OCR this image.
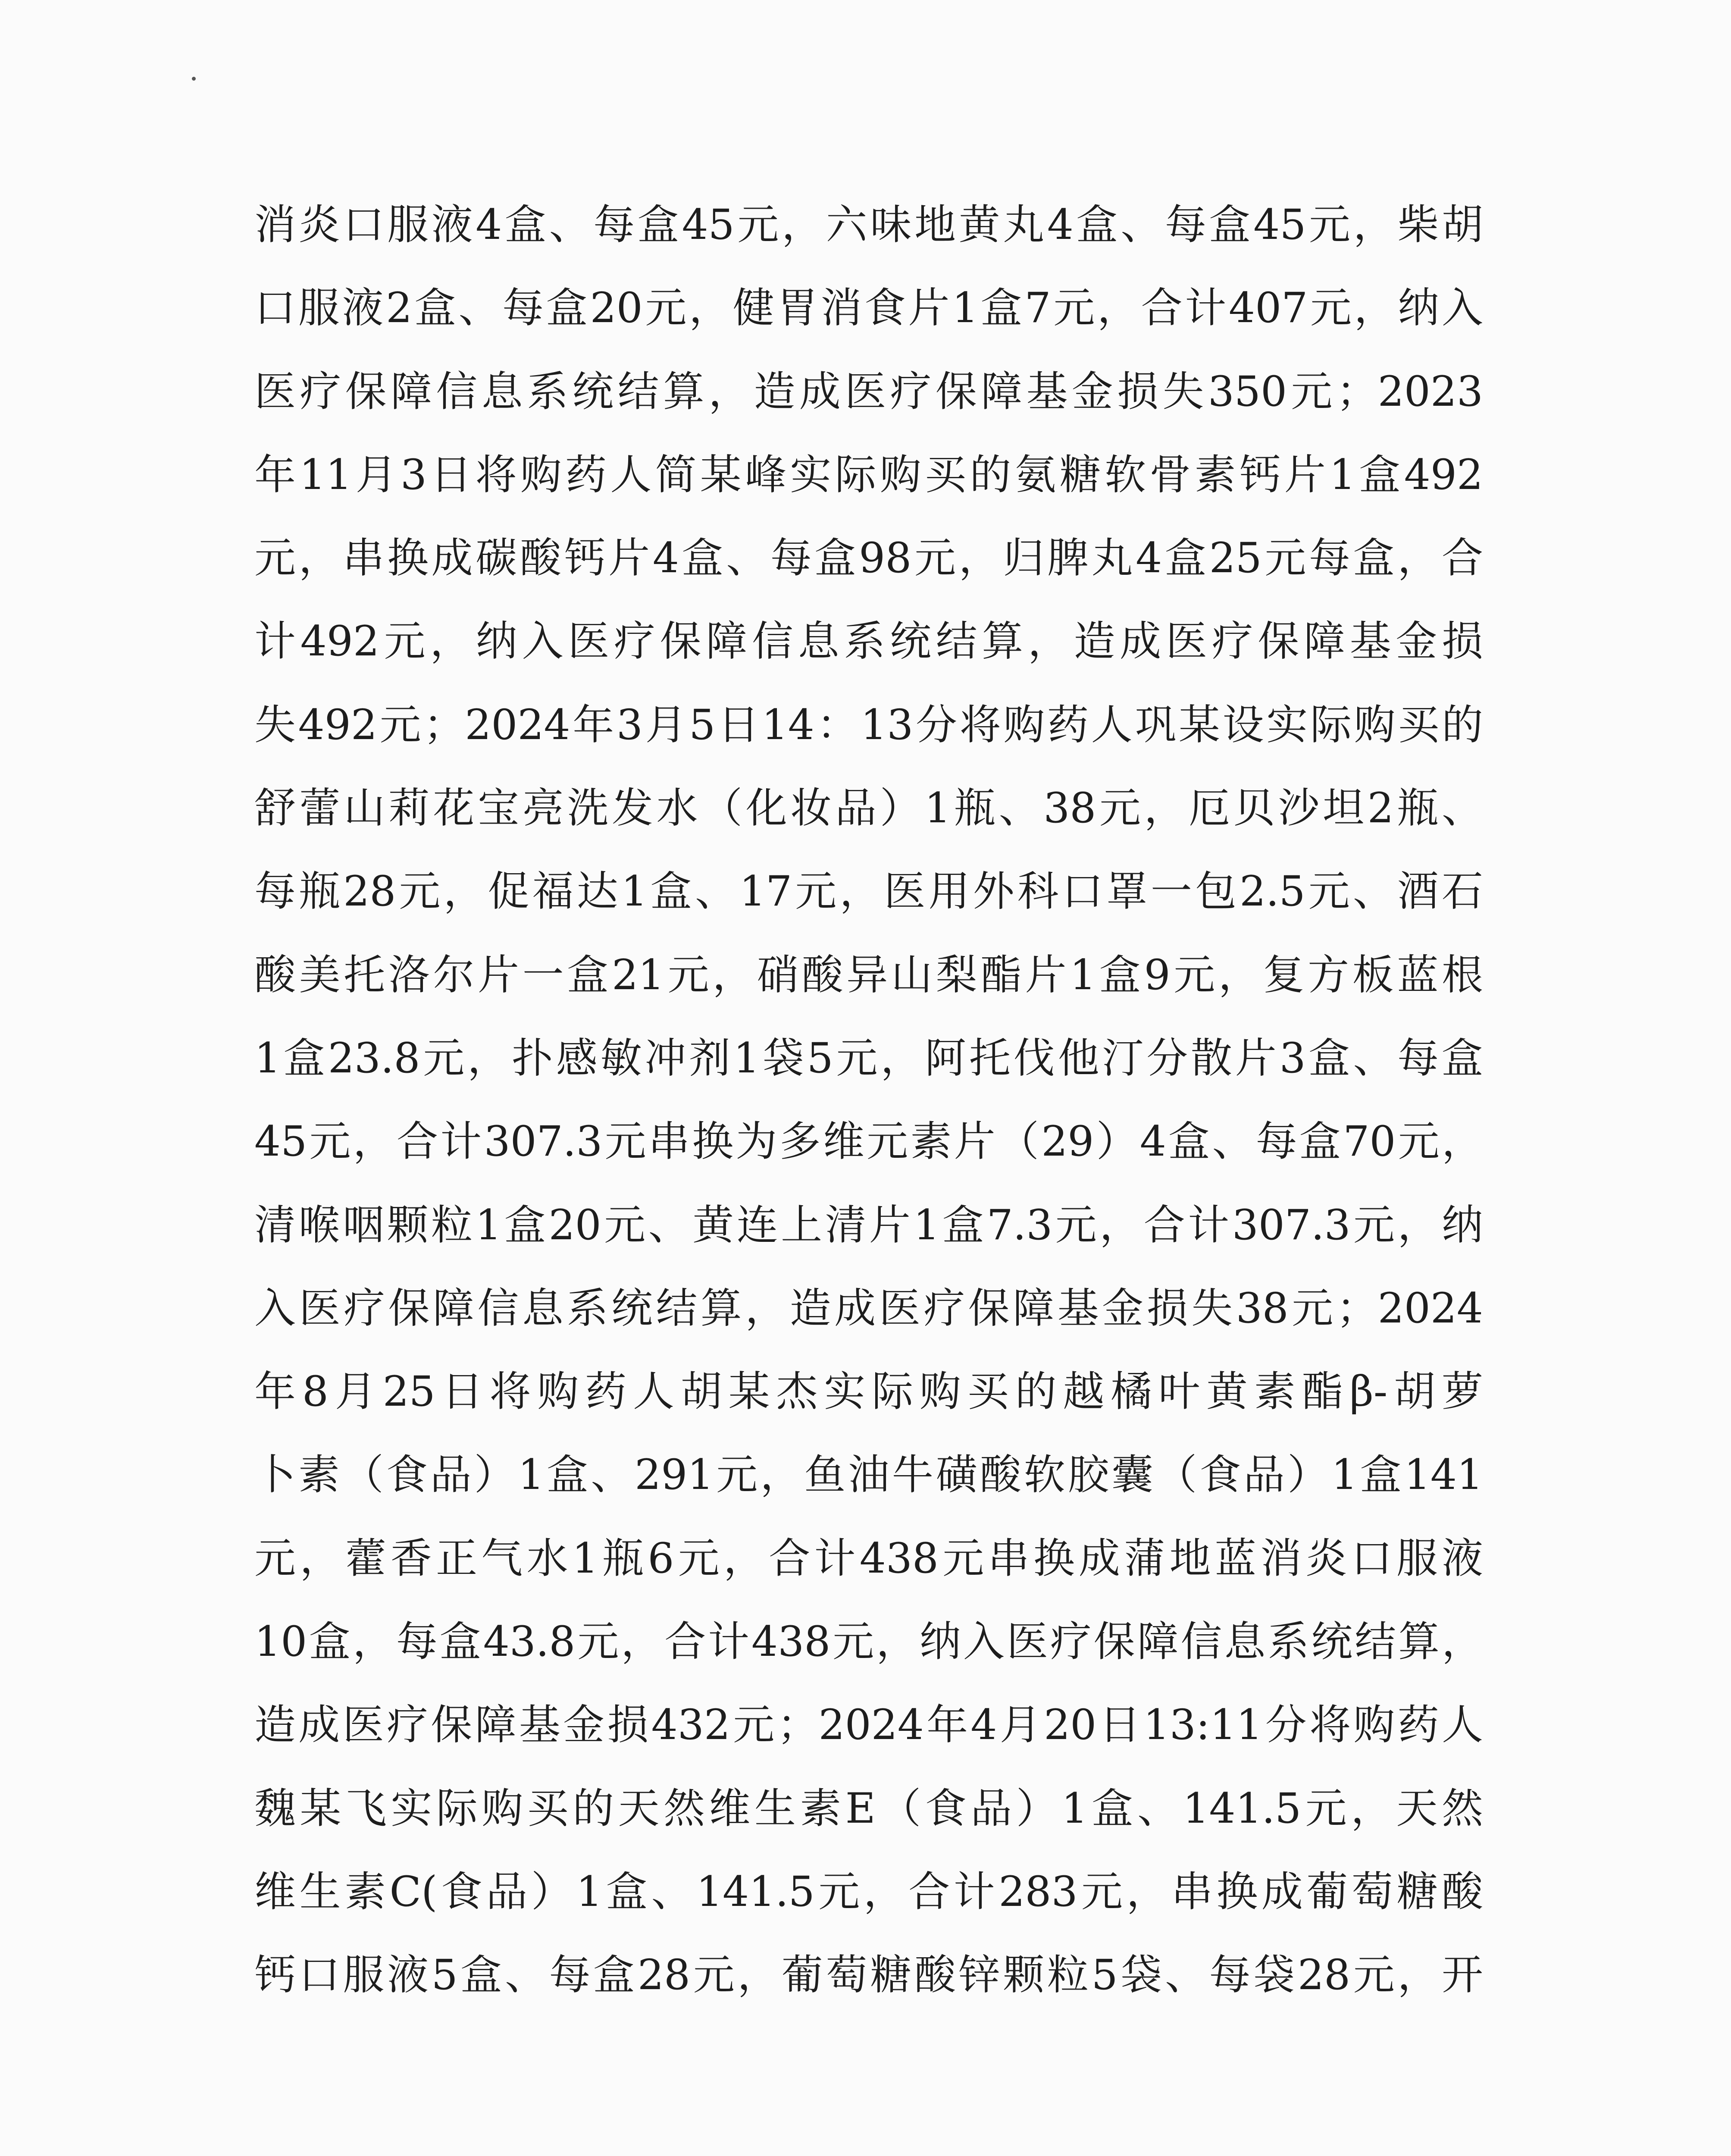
消炎口服液4盒、每盒45元，六味地黄丸4盒、每盒45元，柴胡
口服液2盒、每盒20元，健胃消食片1盒7元，合计407元，纳入
医疗保障信息系统结算，造成医疗保障基金损失350元；2023
年11月3日将购药人简某峰实际购买的氨糖软骨素钙片1盒492
元，串换成碳酸钙片4盒、每盒98元，归脾丸4盒25元每盒，合
计492元，纳入医疗保障信息系统结算，造成医疗保障基金损
失492元；2024年3月5日14：13分将购药人巩某设实际购买的
舒蕾山莉花宝亮洗发水（化妆品）1瓶、38元，厄贝沙坦2瓶、
每瓶28元，促福达1盒、17元，医用外科口罩一包2.5元、酒石
酸美托洛尔片一盒21元，硝酸异山梨酯片1盒9元，复方板蓝根
1盒23.8元，扑感敏冲剂1袋5元，阿托伐他汀分散片3盒、每盒
45元，合计307.3元串换为多维元素片（29）4盒、每盒70元，
清喉咽颗粒1盒20元、黄连上清片1盒7.3元，合计307.3元，纳
入医疗保障信息系统结算，造成医疗保障基金损失38元；2024
年8月25日将购药人胡某杰实际购买的越橘叶黄素酯β-胡萝
卜素（食品）1盒、291元，鱼油牛磺酸软胶囊（食品）1盒141
元，藿香正气水1瓶6元，合计438元串换成蒲地蓝消炎口服液
10盒，每盒43.8元，合计438元，纳入医疗保障信息系统结算，
造成医疗保障基金损432元；2024年4月20日13:11分将购药人
魏某飞实际购买的天然维生素E（食品）1盒、141.5元，天然
维生素C(食品）1盒、141.5元，合计283元，串换成葡萄糖酸
钙口服液5盒、每盒28元，葡萄糖酸锌颗粒5袋、每袋28元，开
